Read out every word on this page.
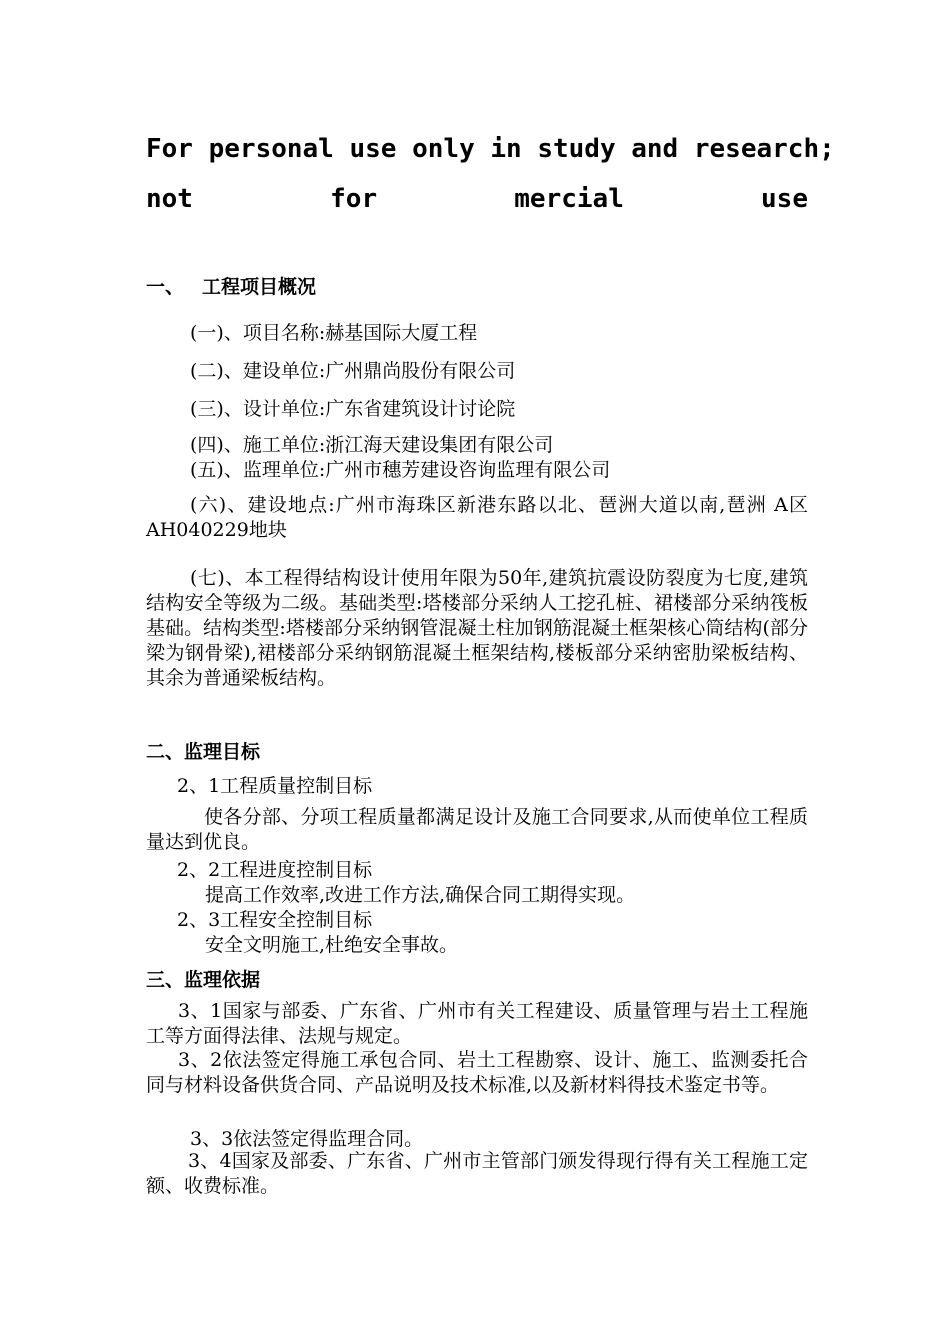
For personal use only in study and research;
not	for	mercial	use
一、 工程项目概况
(一)、项目名称:赫基国际大厦工程
(二)、建设单位:广州鼎尚股份有限公司
(三)、设计单位:广东省建筑设计讨论院
(四)、施工单位:浙江海天建设集团有限公司
(五)、监理单位:广州市穗芳建设咨询监理有限公司
(六)、建设地点:广州市海珠区新港东路以北、琶洲大道以南,琶洲 A区 AH040229地块
(七)、本工程得结构设计使用年限为50年,建筑抗震设防裂度为七度,建筑结构安全等级为二级。基础类型:塔楼部分采纳人工挖孔桩、裙楼部分采纳筏板基础。结构类型:塔楼部分采纳钢管混凝土柱加钢筋混凝土框架核心筒结构(部分梁为钢骨梁),裙楼部分采纳钢筋混凝土框架结构,楼板部分采纳密肋梁板结构、其余为普通梁板结构。
二、监理目标
2、1工程质量控制目标
使各分部、分项工程质量都满足设计及施工合同要求,从而使单位工程质量达到优良。
2、2工程进度控制目标
提高工作效率,改进工作方法,确保合同工期得实现。
2、3工程安全控制目标
安全文明施工,杜绝安全事故。
三、监理依据
3、1国家与部委、广东省、广州市有关工程建设、质量管理与岩土工程施工等方面得法律、法规与规定。
3、2依法签定得施工承包合同、岩土工程勘察、设计、施工、监测委托合同与材料设备供货合同、产品说明及技术标准,以及新材料得技术鉴定书等。
3、3依法签定得监理合同。
3、4国家及部委、广东省、广州市主管部门颁发得现行得有关工程施工定额、收费标准。
